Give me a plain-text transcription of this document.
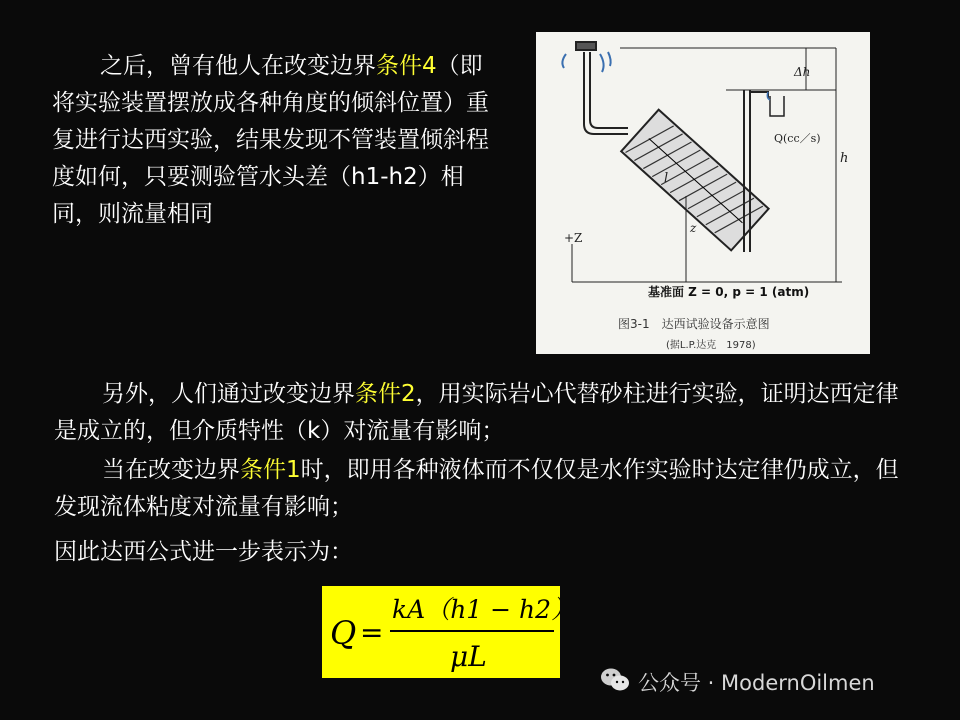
之后，曾有他人在改变边界条件4（即将实验装置摆放成各种角度的倾斜位置）重复进行达西实验，结果发现不管装置倾斜程度如何，只要测验管水头差（h1-h2）相同，则流量相同

Q(cc／s)
Δh
h
l
+Z
z
基准面 Z = 0, p = 1 (atm)
图3-1　达西试验设备示意图
(据L.P.达克　1978)

另外，人们通过改变边界条件2，用实际岩心代替砂柱进行实验，证明达西定律是成立的，但介质特性（k）对流量有影响；

当在改变边界条件1时，即用各种液体而不仅仅是水作实验时达定律仍成立，但发现流体粘度对流量有影响；

因此达西公式进一步表示为：

Q =
kA（h1 − h2）
μL
公众号 · ModernOilmen
